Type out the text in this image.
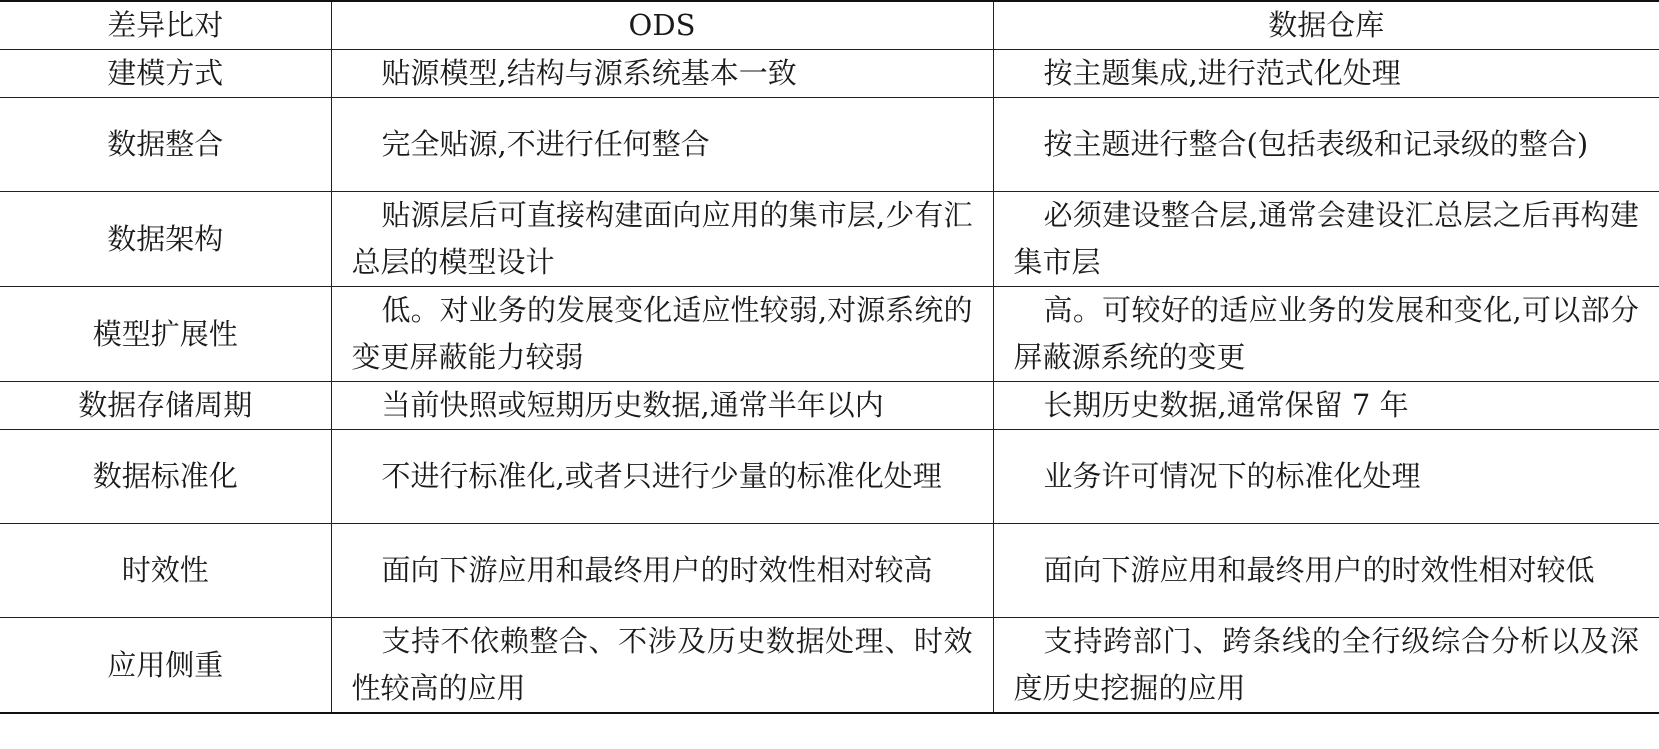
差异比对	ODS	数据仓库
建模方式	贴源模型,结构与源系统基本一致	按主题集成,进行范式化处理
数据整合	完全贴源,不进行任何整合	按主题进行整合(包括表级和记录级的整合)
数据架构	贴源层后可直接构建面向应用的集市层,少有汇总层的模型设计	必须建设整合层,通常会建设汇总层之后再构建集市层
模型扩展性	低。对业务的发展变化适应性较弱,对源系统的变更屏蔽能力较弱	高。可较好的适应业务的发展和变化,可以部分屏蔽源系统的变更
数据存储周期	当前快照或短期历史数据,通常半年以内	长期历史数据,通常保留 7 年
数据标准化	不进行标准化,或者只进行少量的标准化处理	业务许可情况下的标准化处理
时效性	面向下游应用和最终用户的时效性相对较高	面向下游应用和最终用户的时效性相对较低
应用侧重	支持不依赖整合、不涉及历史数据处理、时效性较高的应用	支持跨部门、跨条线的全行级综合分析以及深度历史挖掘的应用
